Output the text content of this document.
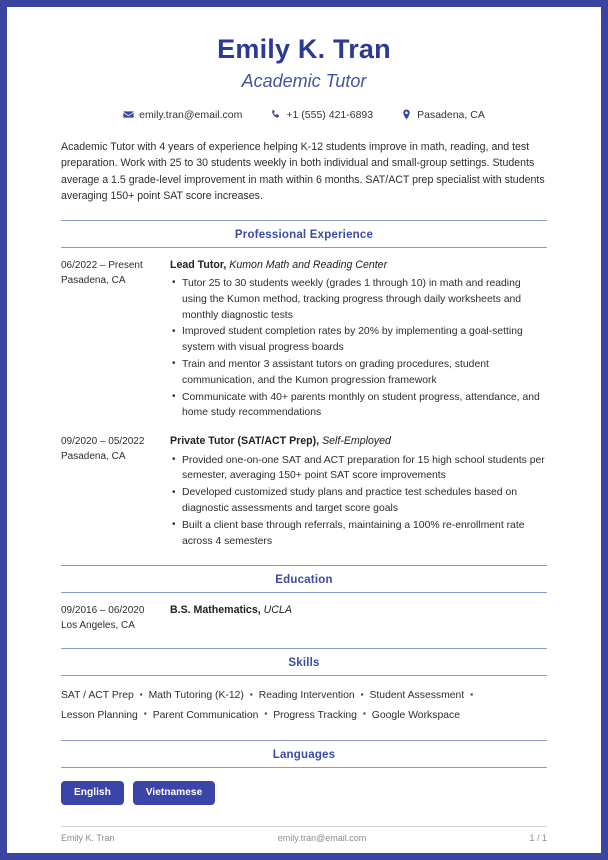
Emily K. Tran
Academic Tutor
emily.tran@email.com	+1 (555) 421-6893	Pasadena, CA
Academic Tutor with 4 years of experience helping K-12 students improve in math, reading, and test preparation. Work with 25 to 30 students weekly in both individual and small-group settings. Students average a 1.5 grade-level improvement in math within 6 months. SAT/ACT prep specialist with students averaging 150+ point SAT score increases.
Professional Experience
06/2022 – Present
Pasadena, CA
Lead Tutor, Kumon Math and Reading Center
• Tutor 25 to 30 students weekly (grades 1 through 10) in math and reading using the Kumon method, tracking progress through daily worksheets and monthly diagnostic tests
• Improved student completion rates by 20% by implementing a goal-setting system with visual progress boards
• Train and mentor 3 assistant tutors on grading procedures, student communication, and the Kumon progression framework
• Communicate with 40+ parents monthly on student progress, attendance, and home study recommendations
09/2020 – 05/2022
Pasadena, CA
Private Tutor (SAT/ACT Prep), Self-Employed
• Provided one-on-one SAT and ACT preparation for 15 high school students per semester, averaging 150+ point SAT score improvements
• Developed customized study plans and practice test schedules based on diagnostic assessments and target score goals
• Built a client base through referrals, maintaining a 100% re-enrollment rate across 4 semesters
Education
09/2016 – 06/2020
Los Angeles, CA
B.S. Mathematics, UCLA
Skills
SAT / ACT Prep ▪ Math Tutoring (K-12) ▪ Reading Intervention ▪ Student Assessment ▪Lesson Planning ▪ Parent Communication ▪ Progress Tracking ▪ Google Workspace
Languages
English	Vietnamese
Emily K. Tran	emily.tran@email.com	1 / 1
